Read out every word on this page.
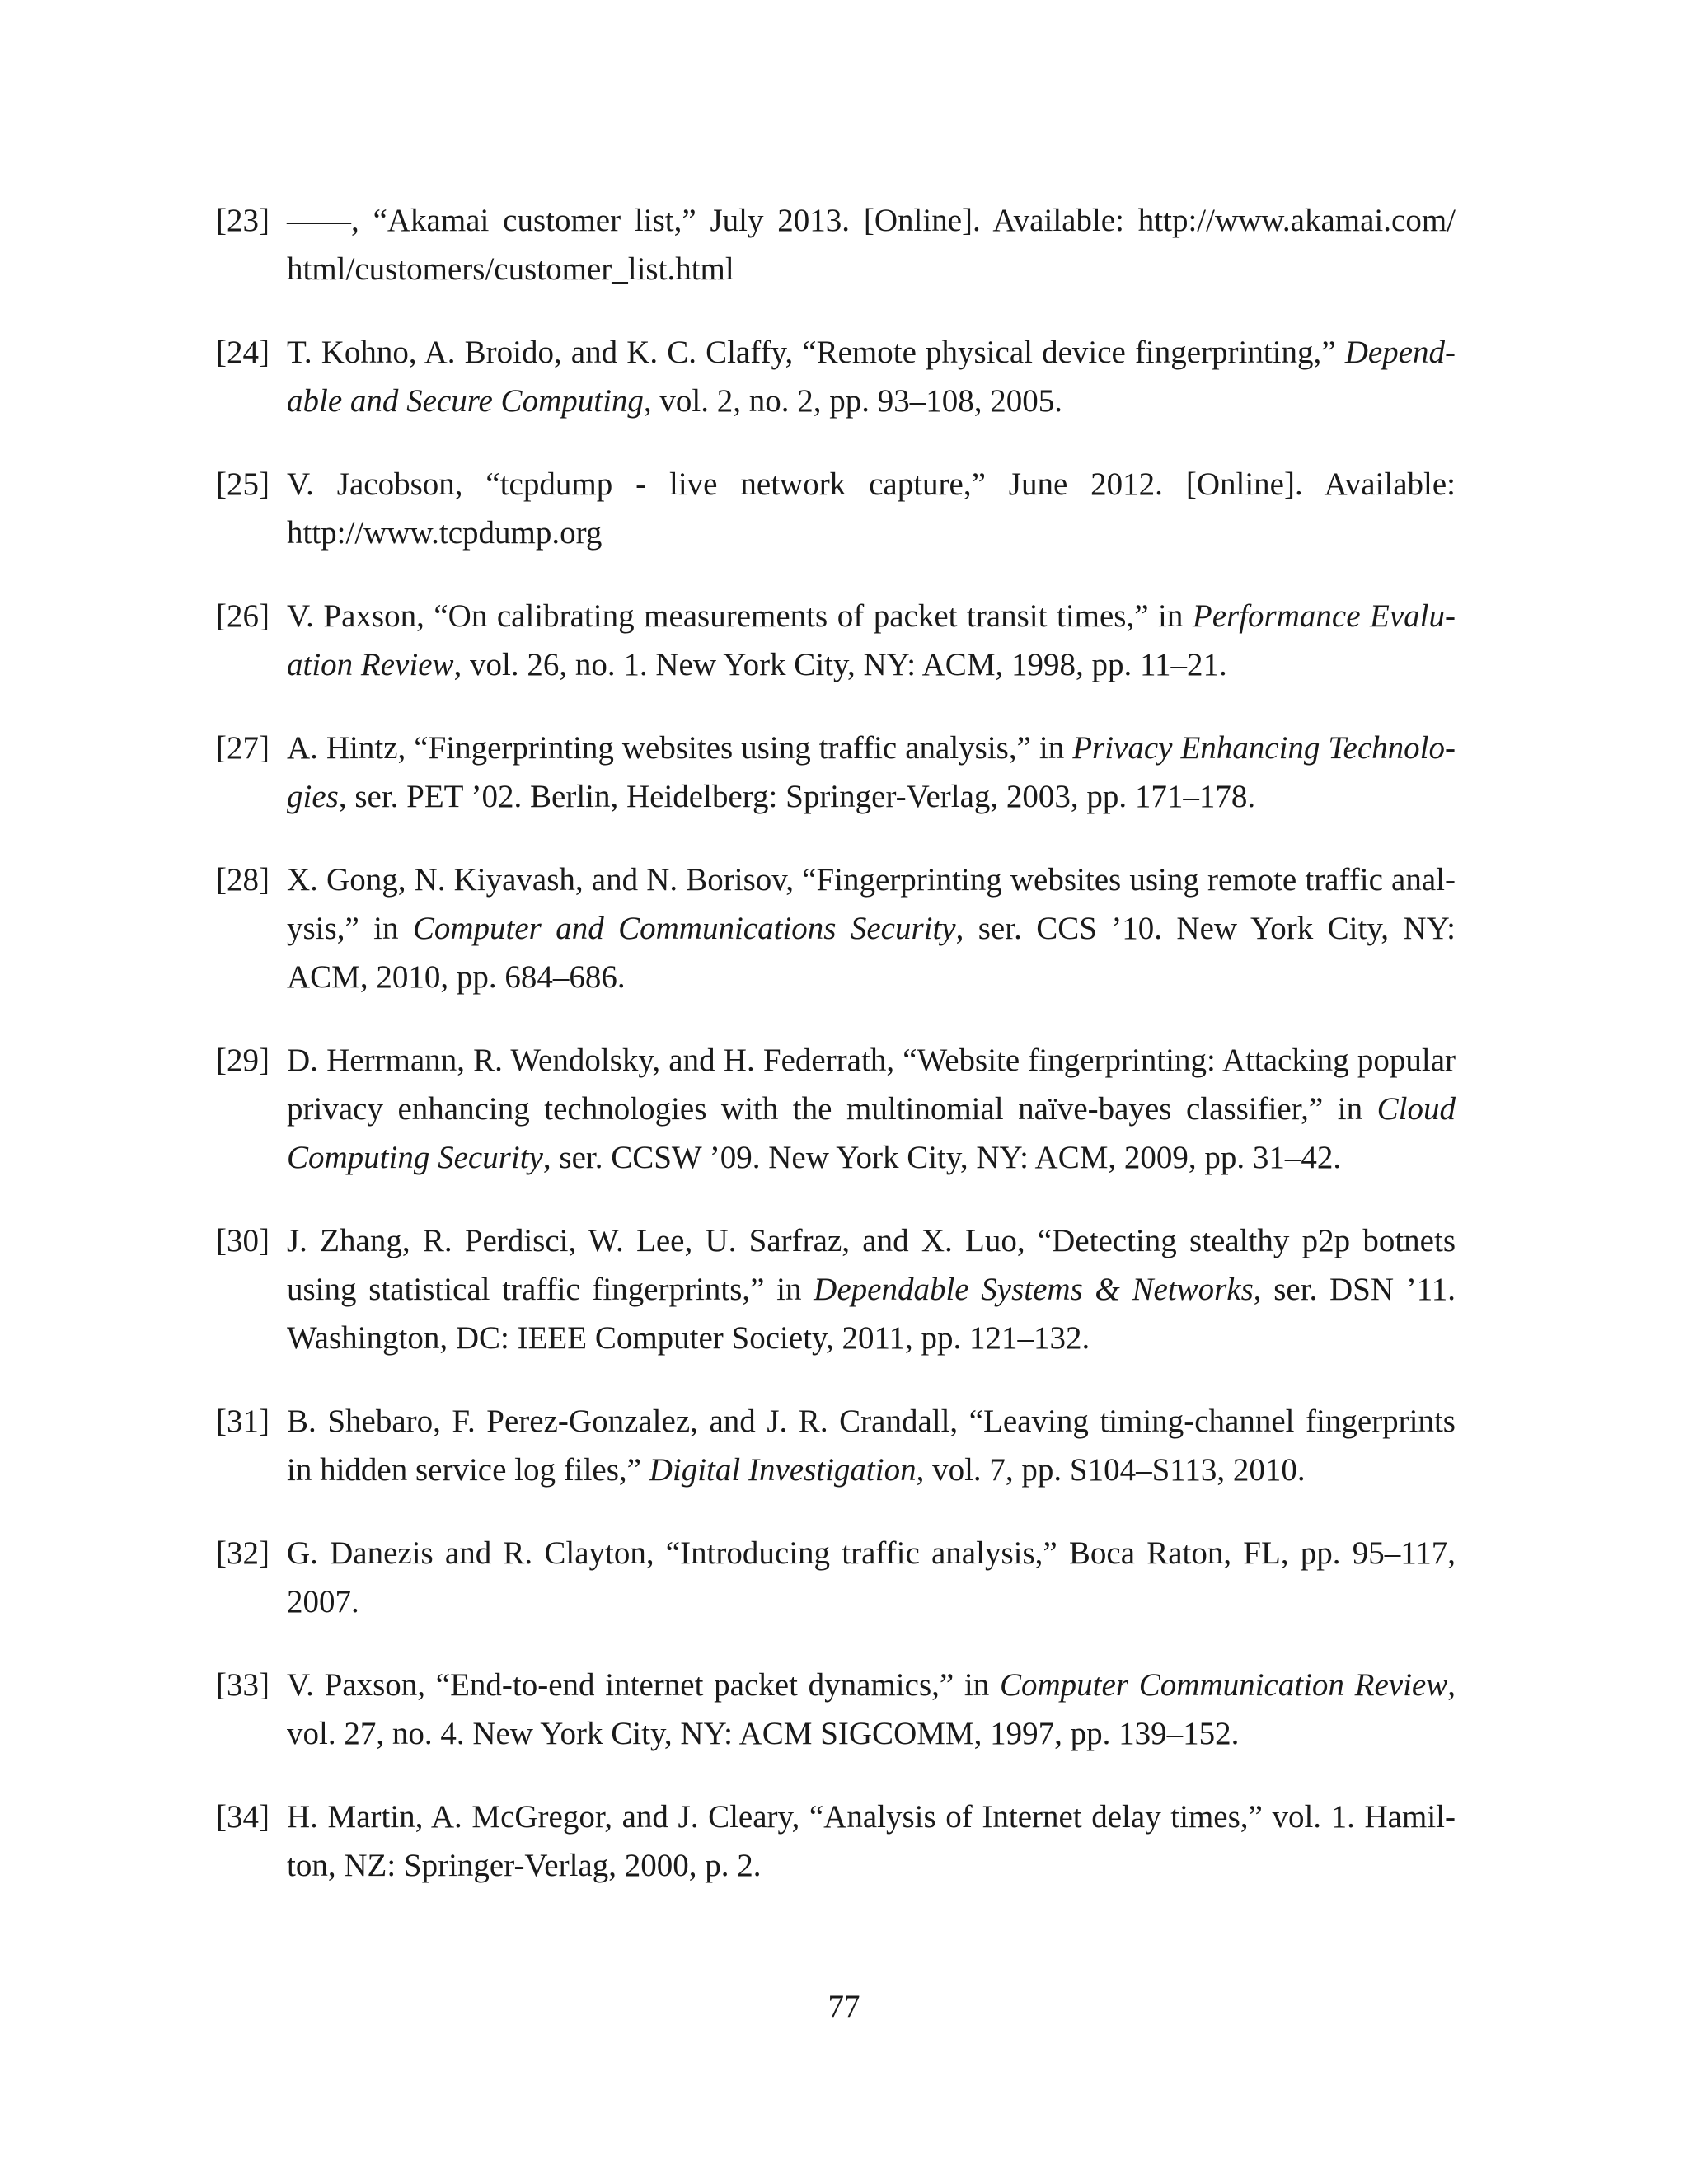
[23] ——, “Akamai customer list,” July 2013. [Online]. Available: http://www.akamai.com/ html/customers/customer_list.html
[24] T. Kohno, A. Broido, and K. C. Claffy, “Remote physical device fingerprinting,” Dependable and Secure Computing, vol. 2, no. 2, pp. 93–108, 2005.
[25] V. Jacobson, “tcpdump - live network capture,” June 2012. [Online]. Available: http://www.tcpdump.org
[26] V. Paxson, “On calibrating measurements of packet transit times,” in Performance Evaluation Review, vol. 26, no. 1. New York City, NY: ACM, 1998, pp. 11–21.
[27] A. Hintz, “Fingerprinting websites using traffic analysis,” in Privacy Enhancing Technologies, ser. PET ’02. Berlin, Heidelberg: Springer-Verlag, 2003, pp. 171–178.
[28] X. Gong, N. Kiyavash, and N. Borisov, “Fingerprinting websites using remote traffic analysis,” in Computer and Communications Security, ser. CCS ’10. New York City, NY: ACM, 2010, pp. 684–686.
[29] D. Herrmann, R. Wendolsky, and H. Federrath, “Website fingerprinting: Attacking popular privacy enhancing technologies with the multinomial naïve-bayes classifier,” in Cloud Computing Security, ser. CCSW ’09. New York City, NY: ACM, 2009, pp. 31–42.
[30] J. Zhang, R. Perdisci, W. Lee, U. Sarfraz, and X. Luo, “Detecting stealthy p2p botnets using statistical traffic fingerprints,” in Dependable Systems & Networks, ser. DSN ’11. Washington, DC: IEEE Computer Society, 2011, pp. 121–132.
[31] B. Shebaro, F. Perez-Gonzalez, and J. R. Crandall, “Leaving timing-channel fingerprints in hidden service log files,” Digital Investigation, vol. 7, pp. S104–S113, 2010.
[32] G. Danezis and R. Clayton, “Introducing traffic analysis,” Boca Raton, FL, pp. 95–117, 2007.
[33] V. Paxson, “End-to-end internet packet dynamics,” in Computer Communication Review, vol. 27, no. 4. New York City, NY: ACM SIGCOMM, 1997, pp. 139–152.
[34] H. Martin, A. McGregor, and J. Cleary, “Analysis of Internet delay times,” vol. 1. Hamilton, NZ: Springer-Verlag, 2000, p. 2.
77
